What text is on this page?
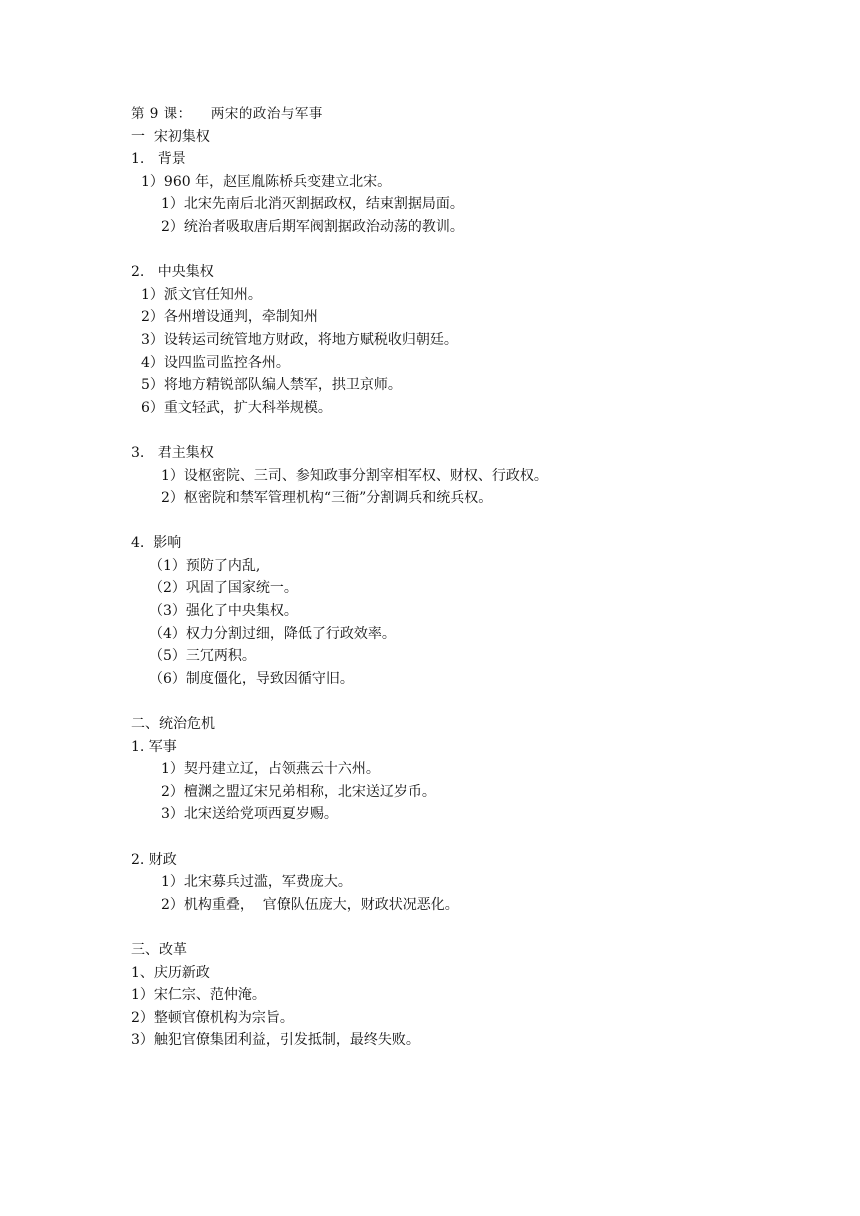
第 9 课：    两宋的政治与军事
一  宋初集权
1.   背景
1）960 年，赵匡胤陈桥兵变建立北宋。
1）北宋先南后北消灭割据政权，结束割据局面。
2）统治者吸取唐后期军阀割据政治动荡的教训。
2.   中央集权
1）派文官任知州。
2）各州增设通判，牵制知州
3）设转运司统管地方财政，将地方赋税收归朝廷。
4）设四监司监控各州。
5）将地方精锐部队编人禁军，拱卫京师。
6）重文轻武，扩大科举规模。
3.   君主集权
1）设枢密院、三司、参知政事分割宰相军权、财权、行政权。
2）枢密院和禁军管理机构“三衙”分割调兵和统兵权。
4.  影响
（1）预防了内乱,
（2）巩固了国家统一。
（3）强化了中央集权。
（4）权力分割过细，降低了行政效率。
（5）三冗两积。
（6）制度僵化，导致因循守旧。
二、统治危机
1. 军事
1）契丹建立辽，占领燕云十六州。
2）檀渊之盟辽宋兄弟相称，北宋送辽岁币。
3）北宋送给党项西夏岁赐。
2. 财政
1）北宋募兵过滥，军费庞大。
2）机构重叠，  官僚队伍庞大，财政状况恶化。
三、改革
1、庆历新政
1）宋仁宗、范仲淹。
2）整顿官僚机构为宗旨。
3）触犯官僚集团利益，引发抵制，最终失败。
